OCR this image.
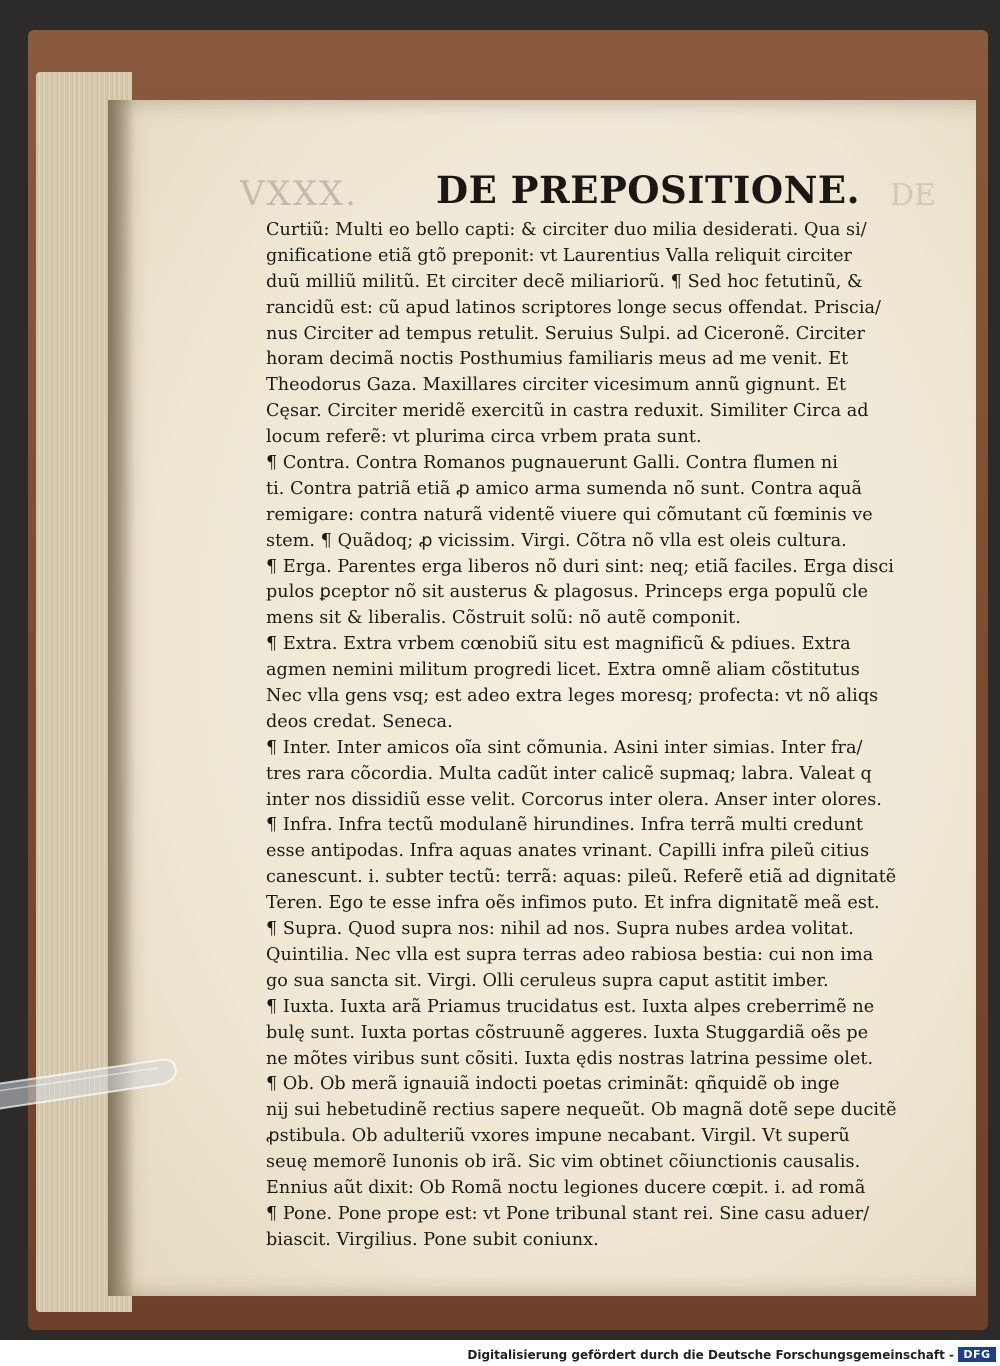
VXXX. DE PREPOSITIONE. DE
Curtiũ: Multi eo bello capti: & circiter duo milia desiderati. Qua si/
gnificatione etiã gtõ preponit: vt Laurentius Valla reliquit circiter
duũ milliũ militũ. Et circiter decẽ miliariorũ. ¶ Sed hoc fetutinũ, &
rancidũ est: cũ apud latinos scriptores longe secus offendat. Priscia/
nus Circiter ad tempus retulit. Seruius Sulpi. ad Ciceronẽ. Circiter
horam decimã noctis Posthumius familiaris meus ad me venit. Et
Theodorus Gaza. Maxillares circiter vicesimum annũ gignunt. Et
Cęsar. Circiter meridẽ exercitũ in castra reduxit. Similiter Circa ad
locum referẽ: vt plurima circa vrbem prata sunt.
¶ Contra. Contra Romanos pugnauerunt Galli. Contra flumen ni
ti. Contra patriã etiã ꝓ amico arma sumenda nõ sunt. Contra aquã
remigare: contra naturã videntẽ viuere qui cõmutant cũ fœminis ve
stem. ¶ Quãdoq; ꝓ vicissim. Virgi. Cõtra nõ vlla est oleis cultura.
¶ Erga. Parentes erga liberos nõ duri sint: neq; etiã faciles. Erga disci
pulos ꝑceptor nõ sit austerus & plagosus. Princeps erga populũ cle
mens sit & liberalis. Cõstruit solũ: nõ autẽ componit.
¶ Extra. Extra vrbem cœnobiũ situ est magnificũ & pdiues. Extra
agmen nemini militum progredi licet. Extra omnẽ aliam cõstitutus
Nec vlla gens vsq; est adeo extra leges moresq; profecta: vt nõ aliqs
deos credat. Seneca.
¶ Inter. Inter amicos oĩa sint cõmunia. Asini inter simias. Inter fra/
tres rara cõcordia. Multa cadũt inter calicẽ supmaq; labra. Valeat q
inter nos dissidiũ esse velit. Corcorus inter olera. Anser inter olores.
¶ Infra. Infra tectũ modulanẽ hirundines. Infra terrã multi credunt
esse antipodas. Infra aquas anates vrinant. Capilli infra pileũ citius
canescunt. i. subter tectũ: terrã: aquas: pileũ. Referẽ etiã ad dignitatẽ
Teren. Ego te esse infra oẽs infimos puto. Et infra dignitatẽ meã est.
¶ Supra. Quod supra nos: nihil ad nos. Supra nubes ardea volitat.
Quintilia. Nec vlla est supra terras adeo rabiosa bestia: cui non ima
go sua sancta sit. Virgi. Olli ceruleus supra caput astitit imber.
¶ Iuxta. Iuxta arã Priamus trucidatus est. Iuxta alpes creberrimẽ ne
bulę sunt. Iuxta portas cõstruunẽ aggeres. Iuxta Stuggardiã oẽs pe
ne mõtes viribus sunt cõsiti. Iuxta ędis nostras latrina pessime olet.
¶ Ob. Ob merã ignauiã indocti poetas criminãt: qñquidẽ ob inge
nij sui hebetudinẽ rectius sapere nequeũt. Ob magnã dotẽ sepe ducitẽ
ꝓstibula. Ob adulteriũ vxores impune necabant. Virgil. Vt superũ
seuę memorẽ Iunonis ob irã. Sic vim obtinet cõiunctionis causalis.
Ennius aũt dixit: Ob Romã noctu legiones ducere cœpit. i. ad romã
¶ Pone. Pone prope est: vt Pone tribunal stant rei. Sine casu aduer/
biascit. Virgilius. Pone subit coniunx.
Digitalisierung gefördert durch die Deutsche Forschungsgemeinschaft - DFG
